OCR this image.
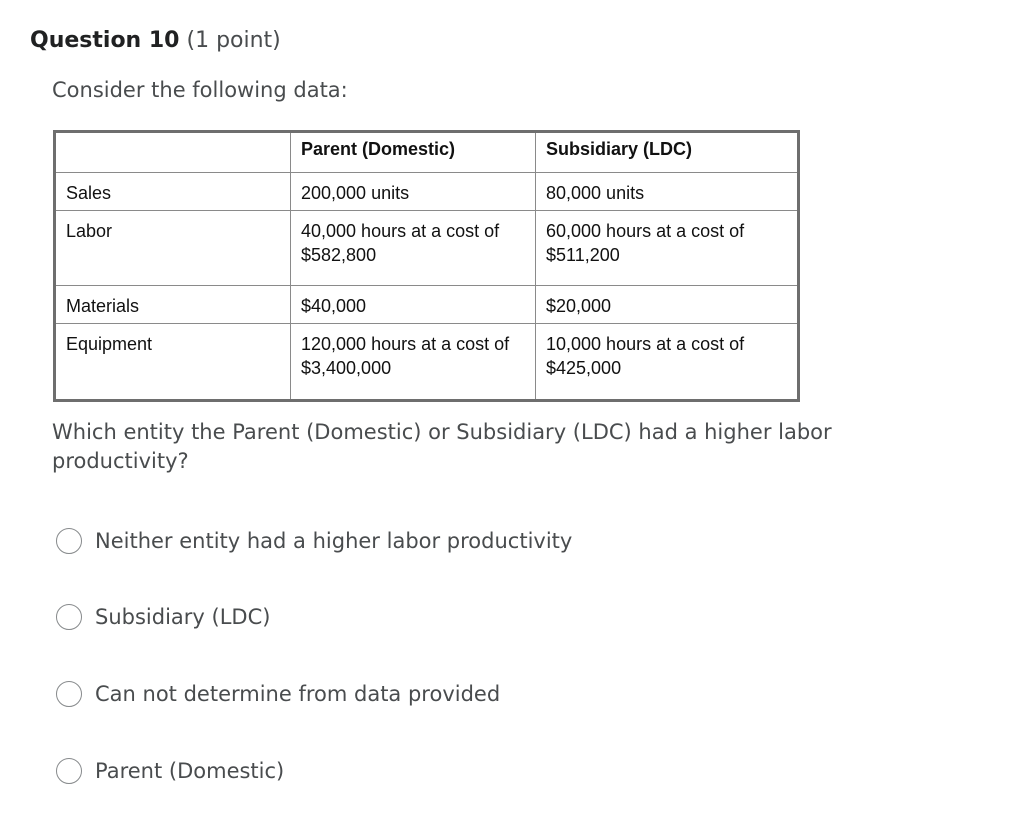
Question 10 (1 point)
Consider the following data:
	Parent (Domestic)	Subsidiary (LDC)
Sales	200,000 units	80,000 units
Labor	40,000 hours at a cost of $582,800	60,000 hours at a cost of $511,200
Materials	$40,000	$20,000
Equipment	120,000 hours at a cost of $3,400,000	10,000 hours at a cost of $425,000
Which entity the Parent (Domestic) or Subsidiary (LDC) had a higher labor productivity?
Neither entity had a higher labor productivity
Subsidiary (LDC)
Can not determine from data provided
Parent (Domestic)
